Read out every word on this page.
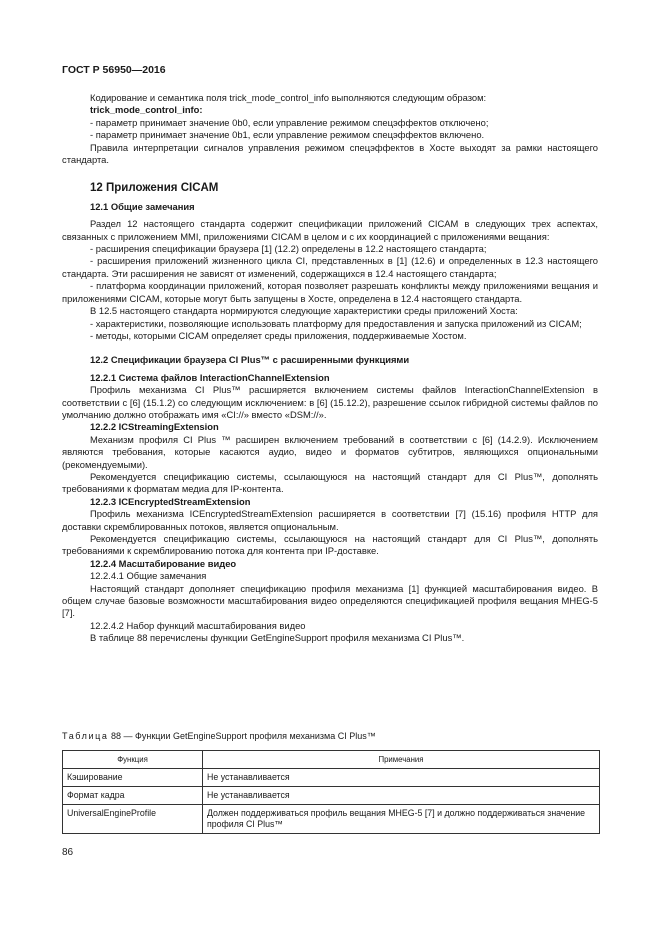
ГОСТ Р 56950—2016

Кодирование и семантика поля trick_mode_control_info выполняются следующим образом:

trick_mode_control_info:

- параметр принимает значение 0b0, если управление режимом спецэффектов отключено;

- параметр принимает значение 0b1, если управление режимом спецэффектов включено.

Правила интерпретации сигналов управления режимом спецэффектов в Хосте выходят за рамки настоящего стандарта.

12 Приложения CICAM
12.1 Общие замечания

Раздел 12 настоящего стандарта содержит спецификации приложений CICAM в следующих трех аспектах, связанных с приложением MMI, приложениями CICAM в целом и с их координацией с приложениями вещания:

- расширения спецификации браузера [1] (12.2) определены в 12.2 настоящего стандарта;

- расширения приложений жизненного цикла CI, представленных в [1] (12.6) и определенных в 12.3 настоящего стандарта. Эти расширения не зависят от изменений, содержащихся в 12.4 настоящего стандарта;

- платформа координации приложений, которая позволяет разрешать конфликты между приложениями вещания и приложениями CICAM, которые могут быть запущены в Хосте, определена в 12.4 настоящего стандарта.

В 12.5 настоящего стандарта нормируются следующие характеристики среды приложений Хоста:

- характеристики, позволяющие использовать платформу для предоставления и запуска приложений из CICAM;

- методы, которыми CICAM определяет среды приложения, поддерживаемые Хостом.

12.2 Спецификации браузера CI Plus™ с расширенными функциями
12.2.1 Система файлов InteractionChannelExtension

Профиль механизма CI Plus™ расширяется включением системы файлов InteractionChannelExtension в соответствии с [6] (15.1.2) со следующим исключением: в [6] (15.12.2), разрешение ссылок гибридной системы файлов по умолчанию должно отображать имя «CI://» вместо «DSM://».

12.2.2 ICStreamingExtension

Механизм профиля CI Plus ™ расширен включением требований в соответствии с [6] (14.2.9). Исключением являются требования, которые касаются аудио, видео и форматов субтитров, являющихся опциональными (рекомендуемыми).

Рекомендуется спецификацию системы, ссылающуюся на настоящий стандарт для CI Plus™, дополнять требованиями к форматам медиа для IP-контента.

12.2.3 ICEncryptedStreamExtension

Профиль механизма ICEncryptedStreamExtension расширяется в соответствии [7] (15.16) профиля HTTP для доставки скремблированных потоков, является опциональным.

Рекомендуется спецификацию системы, ссылающуюся на настоящий стандарт для CI Plus™, дополнять требованиями к скремблированию потока для контента при IP-доставке.

12.2.4 Масштабирование видео

12.2.4.1 Общие замечания

Настоящий стандарт дополняет спецификацию профиля механизма [1] функцией масштабирования видео. В общем случае базовые возможности масштабирования видео определяются спецификацией профиля вещания MHEG-5 [7].

12.2.4.2 Набор функций масштабирования видео

В таблице 88 перечислены функции GetEngineSupport профиля механизма CI Plus™.

Таблица 88 — Функции GetEngineSupport профиля механизма CI Plus™
Функция	Примечания
Кэширование	Не устанавливается
Формат кадра	Не устанавливается
UniversalEngineProfile	Должен поддерживаться профиль вещания MHEG-5 [7] и должно поддерживаться значение профиля CI Plus™
86
